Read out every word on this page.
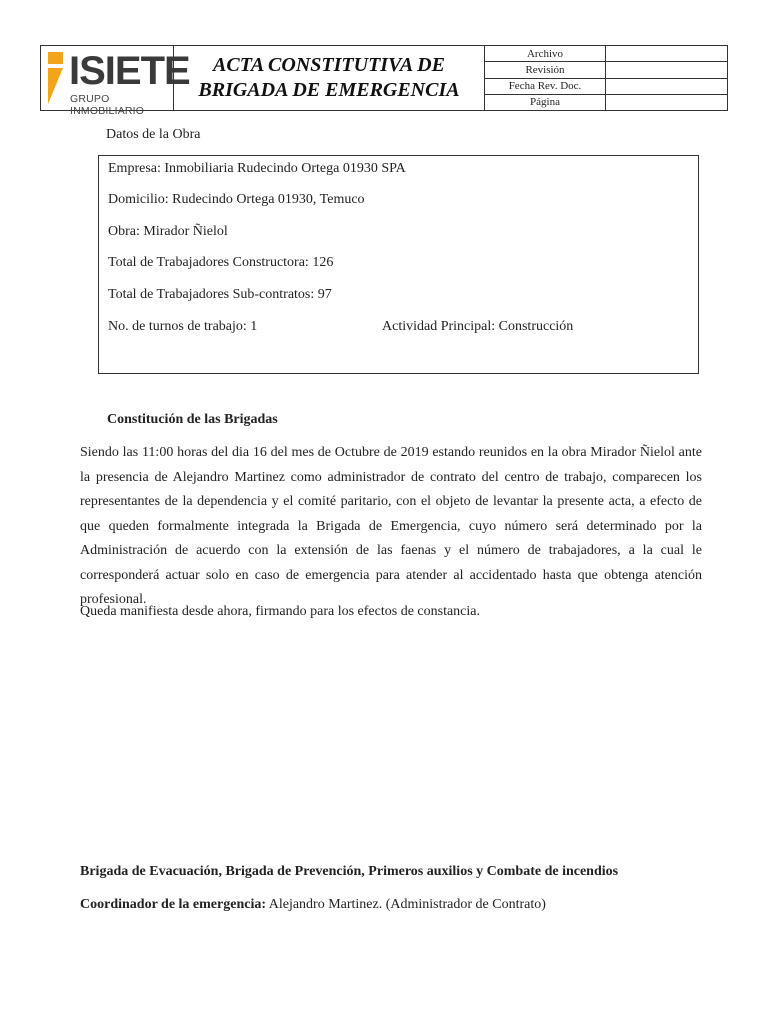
ISIETE
GRUPO INMOBILIARIO
ACTA CONSTITUTIVA DE
BRIGADA DE EMERGENCIA
Archivo
Revisión
Fecha Rev. Doc.
Página
Datos de la Obra
Empresa: Inmobiliaria Rudecindo Ortega 01930 SPA
Domicilio: Rudecindo Ortega 01930, Temuco
Obra: Mirador Ñielol
Total de Trabajadores Constructora: 126
Total de Trabajadores Sub-contratos: 97
No. de turnos de trabajo: 1	Actividad Principal: Construcción
Constitución de las Brigadas

Siendo las 11:00 horas del dia 16 del mes de Octubre de 2019 estando reunidos en la obra Mirador Ñielol ante la presencia de Alejandro Martinez como administrador de contrato del centro de trabajo, comparecen los representantes de la dependencia y el comité paritario, con el objeto de levantar la presente acta, a efecto de que queden formalmente integrada la Brigada de Emergencia, cuyo número será determinado por la Administración de acuerdo con la extensión de las faenas y el número de trabajadores, a la cual le corresponderá actuar solo en caso de emergencia para atender al accidentado hasta que obtenga atención profesional.

Queda manifiesta desde ahora, firmando para los efectos de constancia.
Brigada de Evacuación, Brigada de Prevención, Primeros auxilios y Combate de incendios
Coordinador de la emergencia: Alejandro Martinez. (Administrador de Contrato)
